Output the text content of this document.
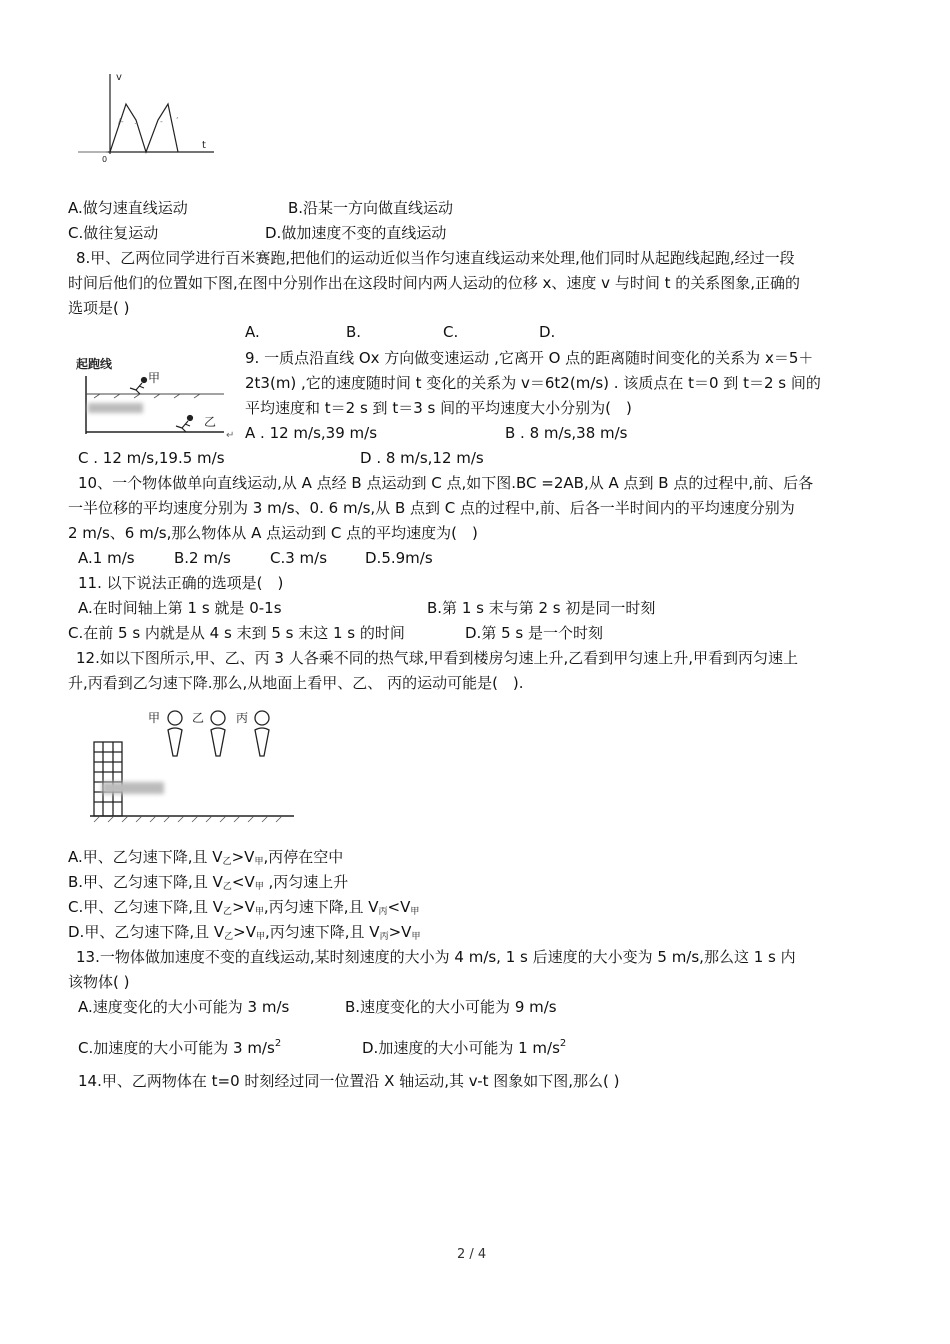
/- .	-
,
v
t
0
A.做匀速直线运动	B.沿某一方向做直线运动
C.做往复运动	D.做加速度不变的直线运动
8.甲、乙两位同学进行百米赛跑,把他们的运动近似当作匀速直线运动来处理,他们同时从起跑线起跑,经过一段
时间后他们的位置如下图,在图中分别作出在这段时间内两人运动的位移 x、速度 v 与时间 t 的关系图象,正确的
选项是( )
A.	B.	C.	D.
起跑线
甲
乙
↵
9. 一质点沿直线 Ox 方向做变速运动 ,它离开 O 点的距离随时间变化的关系为 x＝5＋
2t3(m) ,它的速度随时间 t 变化的关系为 v＝6t2(m/s) . 该质点在 t＝0 到 t＝2 s 间的
平均速度和 t＝2 s 到 t＝3 s 间的平均速度大小分别为(　)
A . 12 m/s,39 m/s	B . 8 m/s,38 m/s
C . 12 m/s,19.5 m/s	D . 8 m/s,12 m/s
10、一个物体做单向直线运动,从 A 点经 B 点运动到 C 点,如下图.BC =2AB,从 A 点到 B 点的过程中,前、后各
一半位移的平均速度分别为 3 m/s、0. 6 m/s,从 B 点到 C 点的过程中,前、后各一半时间内的平均速度分别为
2 m/s、6 m/s,那么物体从 A 点运动到 C 点的平均速度为(　)
A.1 m/s	B.2 m/s	C.3 m/s	D.5.9m/s
11. 以下说法正确的选项是(　)
A.在时间轴上第 1 s 就是 0-1s	B.第 1 s 末与第 2 s 初是同一时刻
C.在前 5 s 内就是从 4 s 末到 5 s 末这 1 s 的时间	D.第 5 s 是一个时刻
12.如以下图所示,甲、乙、丙 3 人各乘不同的热气球,甲看到楼房匀速上升,乙看到甲匀速上升,甲看到丙匀速上
升,丙看到乙匀速下降.那么,从地面上看甲、乙、 丙的运动可能是(　).
甲	乙	丙
A.甲、乙匀速下降,且 $V_乙>V_甲$,丙停在空中
B.甲、乙匀速下降,且 $V_乙<V_甲$ ,丙匀速上升
C.甲、乙匀速下降,且 $V_乙>V_甲$,丙匀速下降,且 $V_丙<V_甲$
D.甲、乙匀速下降,且 $V_乙>V_甲$,丙匀速下降,且 $V_丙>V_甲$
13.一物体做加速度不变的直线运动,某时刻速度的大小为 4 m/s, 1 s 后速度的大小变为 5 m/s,那么这 1 s 内
该物体( )
A.速度变化的大小可能为 3 m/s	B.速度变化的大小可能为 9 m/s
C.加速度的大小可能为 3 $m/s^2$	D.加速度的大小可能为 1 $m/s^2$
14.甲、乙两物体在 t=0 时刻经过同一位置沿 X 轴运动,其 v-t 图象如下图,那么( )
2 / 4
